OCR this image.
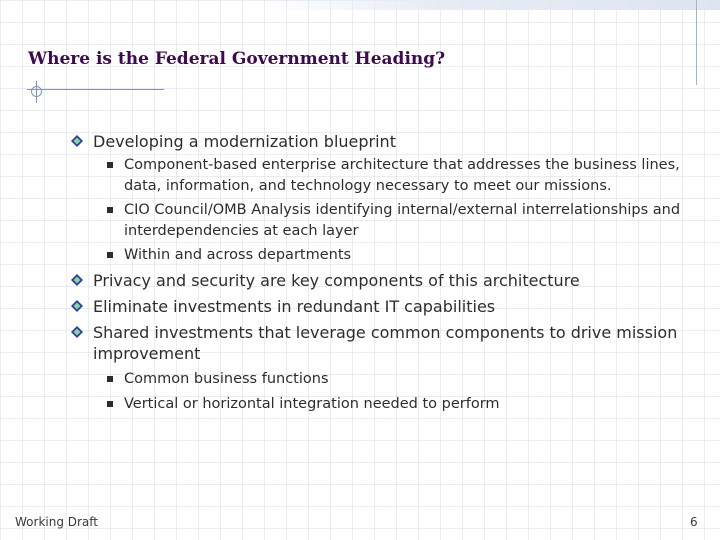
Where is the Federal Government Heading?
Developing a modernization blueprint
Component-based enterprise architecture that addresses the business lines, data, information, and technology necessary to meet our missions.
CIO Council/OMB Analysis identifying internal/external interrelationships and interdependencies at each layer
Within and across departments
Privacy and security are key components of this architecture
Eliminate investments in redundant IT capabilities
Shared investments that leverage common components to drive mission improvement
Common business functions
Vertical or horizontal integration needed to perform
Working Draft	6
